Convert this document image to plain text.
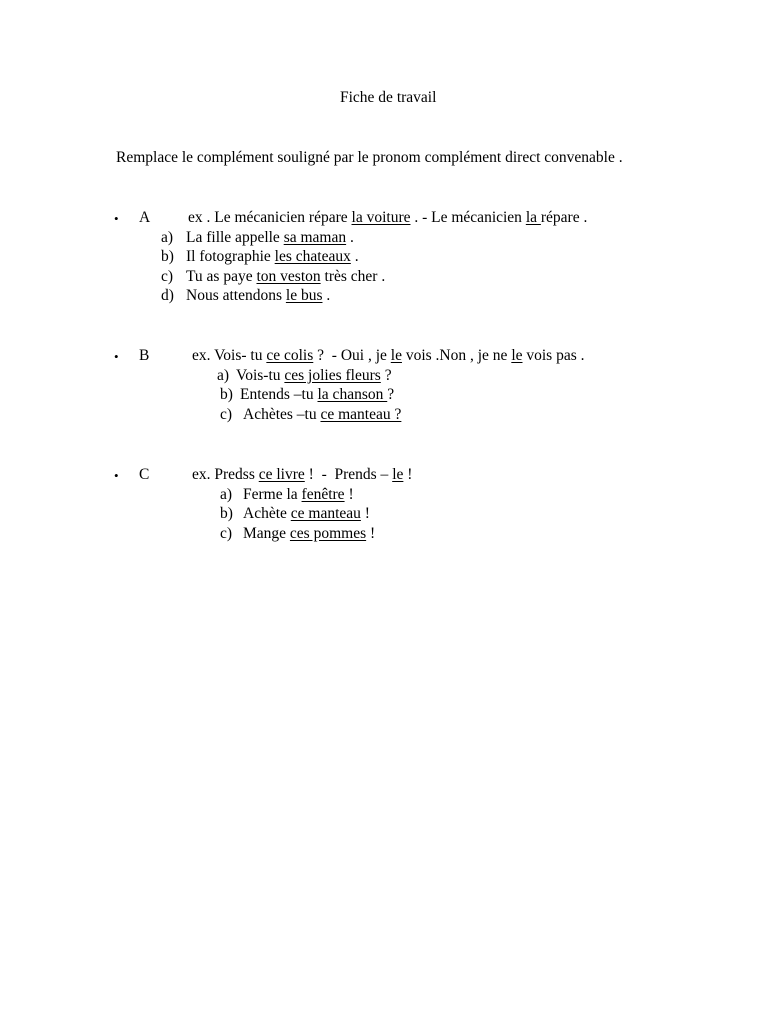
Fiche de travail
Remplace le complément souligné par le pronom complément direct convenable .
• A ex . Le mécanicien répare la voiture . - Le mécanicien la répare .
a) La fille appelle sa maman .
b) Il fotographie les chateaux .
c) Tu as paye ton veston très cher .
d) Nous attendons le bus .
• B	ex. Vois- tu ce colis ?  - Oui , je le vois .Non , je ne le vois pas .
a) Vois-tu ces jolies fleurs ?
b) Entends –tu la chanson ?
c) Achètes –tu ce manteau ?
• C	ex. Predss ce livre !  -  Prends – le !
a) Ferme la fenêtre !
b) Achète ce manteau !
c) Mange ces pommes !
